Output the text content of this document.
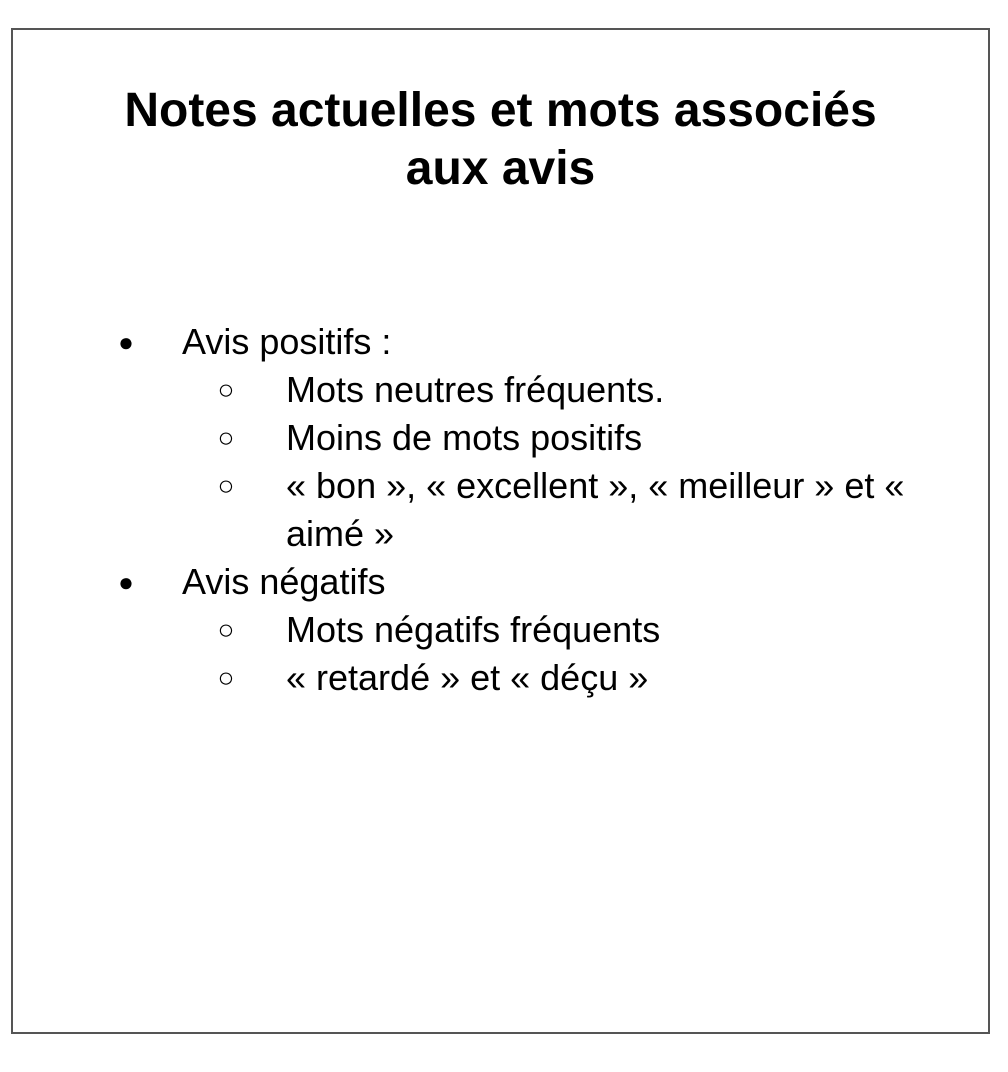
Notes actuelles et mots associés
aux avis
● Avis positifs :
○ Mots neutres fréquents.
○ Moins de mots positifs
○ « bon », « excellent », « meilleur » et « aimé »
● Avis négatifs
○ Mots négatifs fréquents
○ « retardé » et « déçu »
